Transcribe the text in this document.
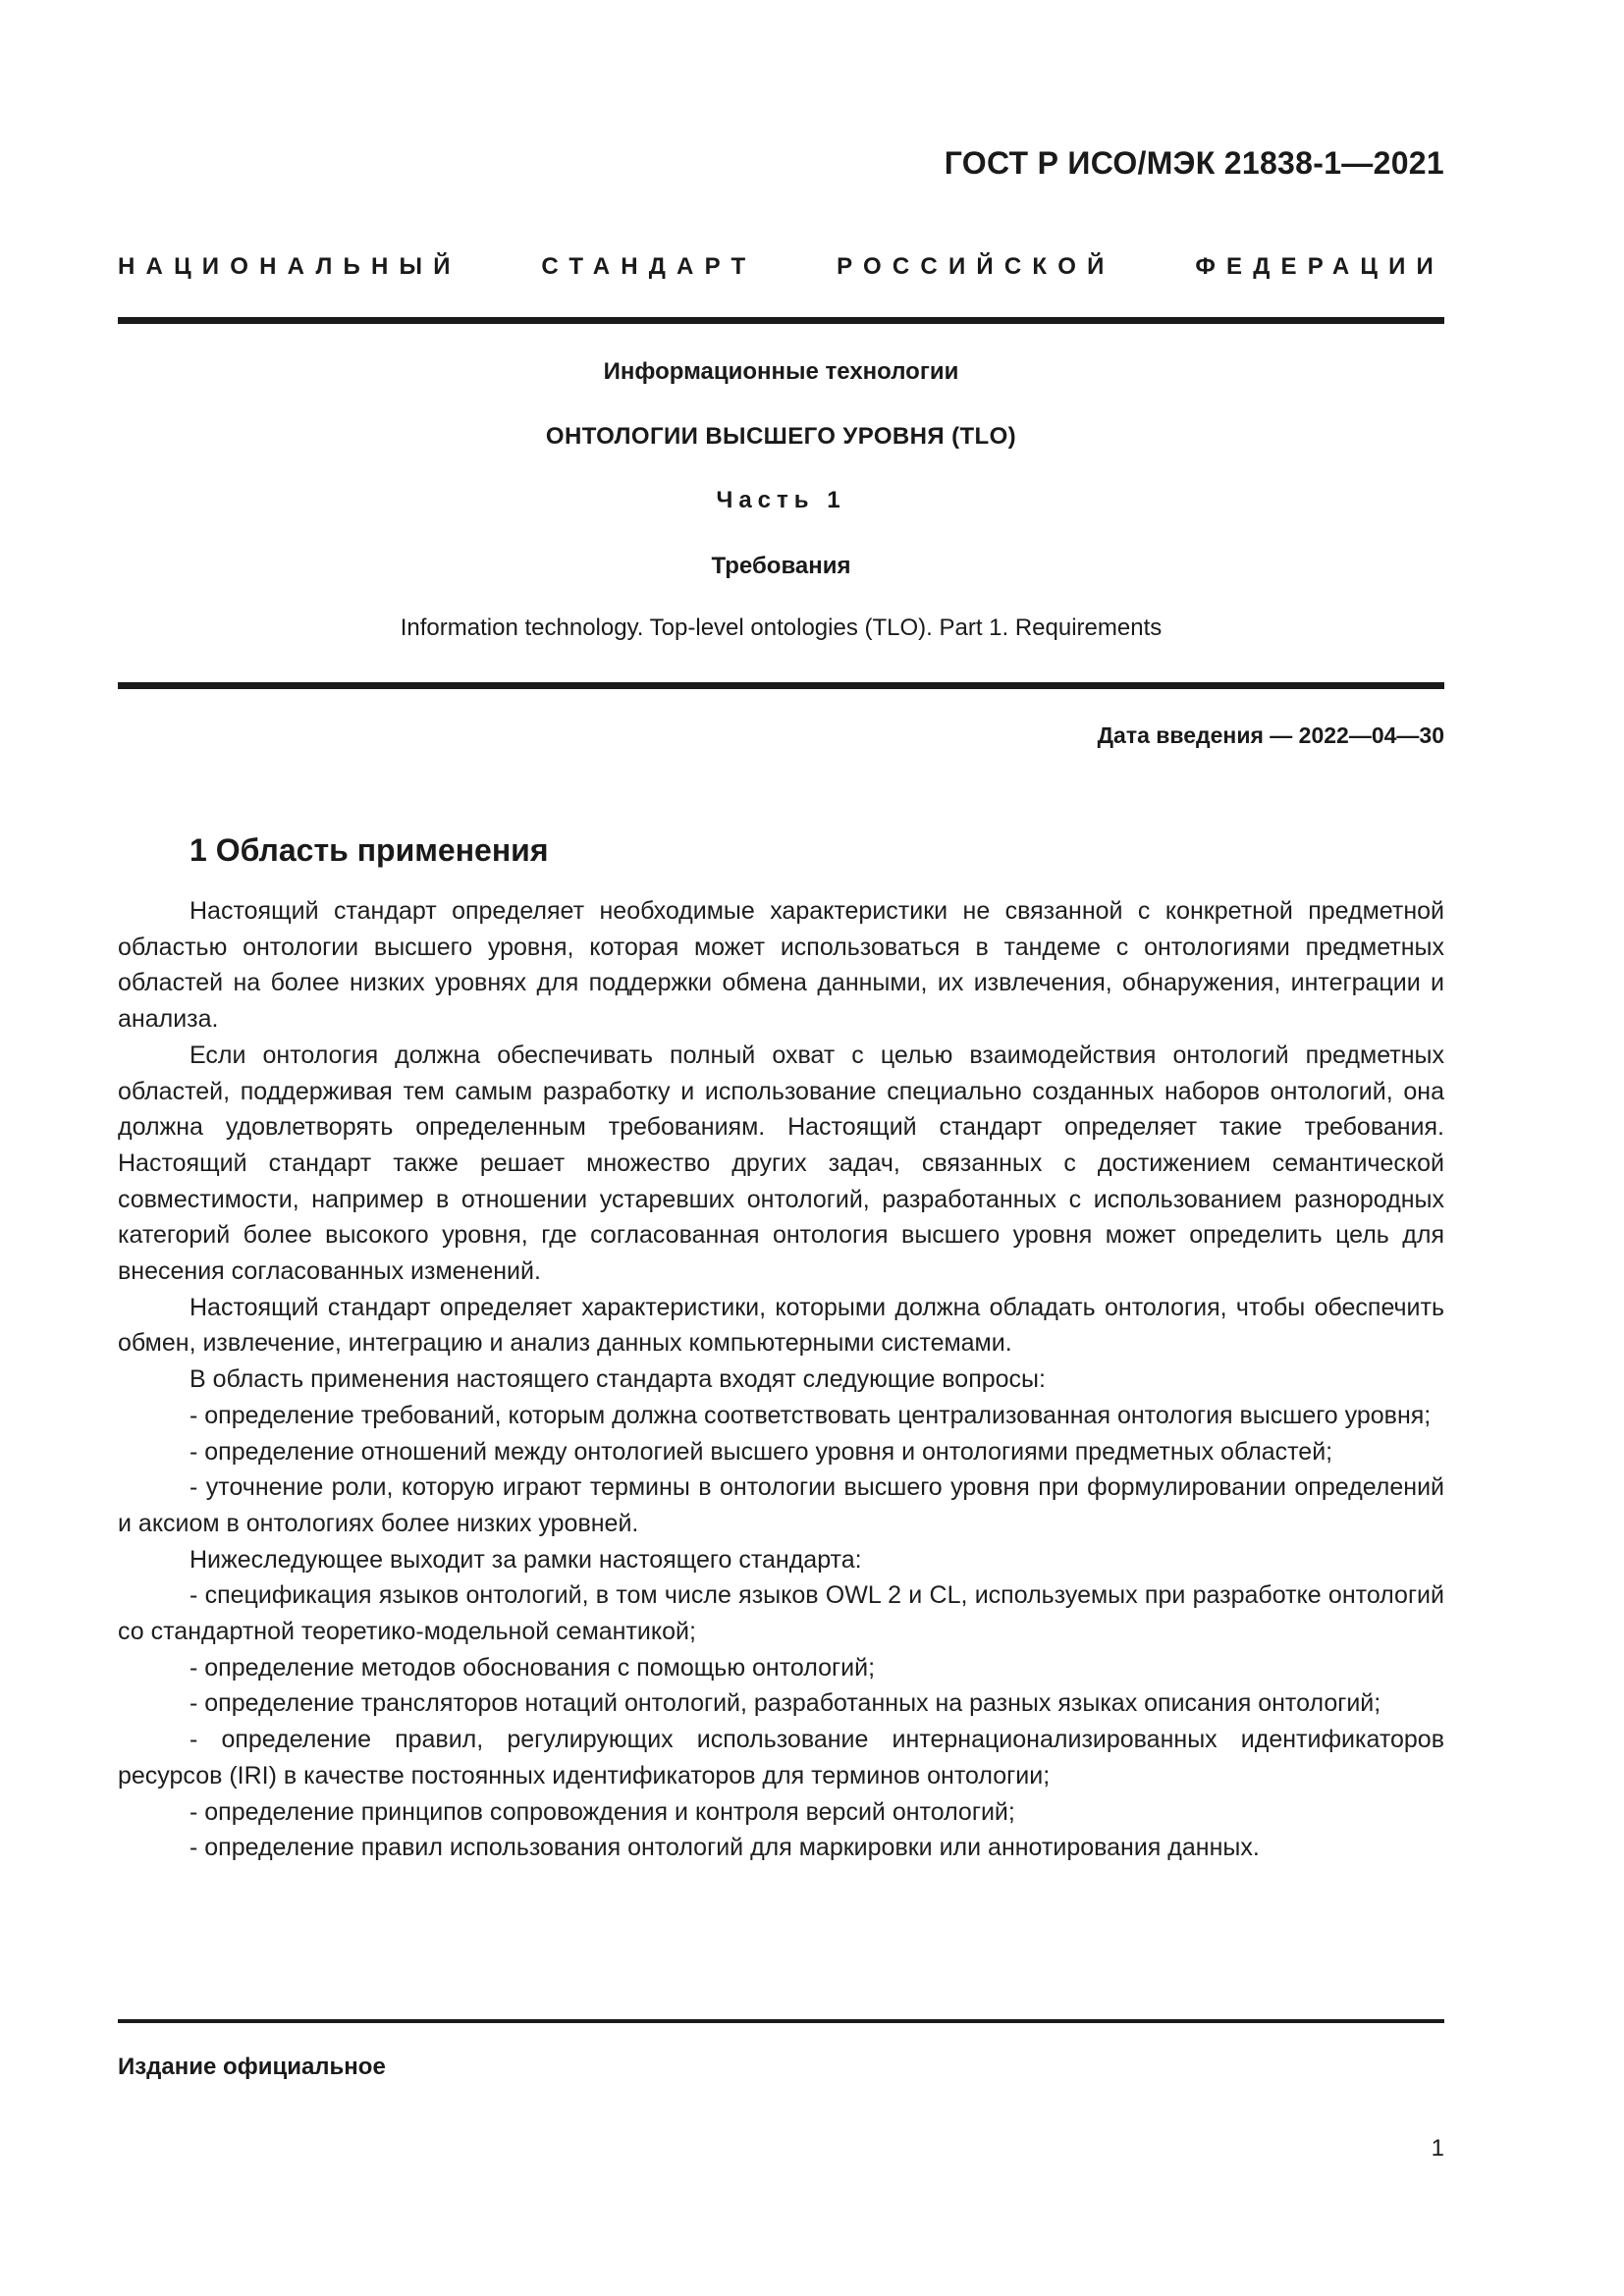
ГОСТ Р ИСО/МЭК 21838-1—2021
НАЦИОНАЛЬНЫЙ СТАНДАРТ РОССИЙСКОЙ ФЕДЕРАЦИИ
Информационные технологии
ОНТОЛОГИИ ВЫСШЕГО УРОВНЯ (TLO)
Часть 1
Требования
Information technology. Top-level ontologies (TLO). Part 1. Requirements
Дата введения — 2022—04—30
1 Область применения

Настоящий стандарт определяет необходимые характеристики не связанной с конкретной предметной областью онтологии высшего уровня, которая может использоваться в тандеме с онтологиями предметных областей на более низких уровнях для поддержки обмена данными, их извлечения, обнаружения, интеграции и анализа.

Если онтология должна обеспечивать полный охват с целью взаимодействия онтологий предметных областей, поддерживая тем самым разработку и использование специально созданных наборов онтологий, она должна удовлетворять определенным требованиям. Настоящий стандарт определяет такие требования. Настоящий стандарт также решает множество других задач, связанных с достижением семантической совместимости, например в отношении устаревших онтологий, разработанных с использованием разнородных категорий более высокого уровня, где согласованная онтология высшего уровня может определить цель для внесения согласованных изменений.

Настоящий стандарт определяет характеристики, которыми должна обладать онтология, чтобы обеспечить обмен, извлечение, интеграцию и анализ данных компьютерными системами.

В область применения настоящего стандарта входят следующие вопросы:

- определение требований, которым должна соответствовать централизованная онтология высшего уровня;

- определение отношений между онтологией высшего уровня и онтологиями предметных областей;

- уточнение роли, которую играют термины в онтологии высшего уровня при формулировании определений и аксиом в онтологиях более низких уровней.

Нижеследующее выходит за рамки настоящего стандарта:

- спецификация языков онтологий, в том числе языков OWL 2 и CL, используемых при разработке онтологий со стандартной теоретико-модельной семантикой;

- определение методов обоснования с помощью онтологий;

- определение трансляторов нотаций онтологий, разработанных на разных языках описания онтологий;

- определение правил, регулирующих использование интернационализированных идентификаторов ресурсов (IRI) в качестве постоянных идентификаторов для терминов онтологии;

- определение принципов сопровождения и контроля версий онтологий;

- определение правил использования онтологий для маркировки или аннотирования данных.

Издание официальное
1
